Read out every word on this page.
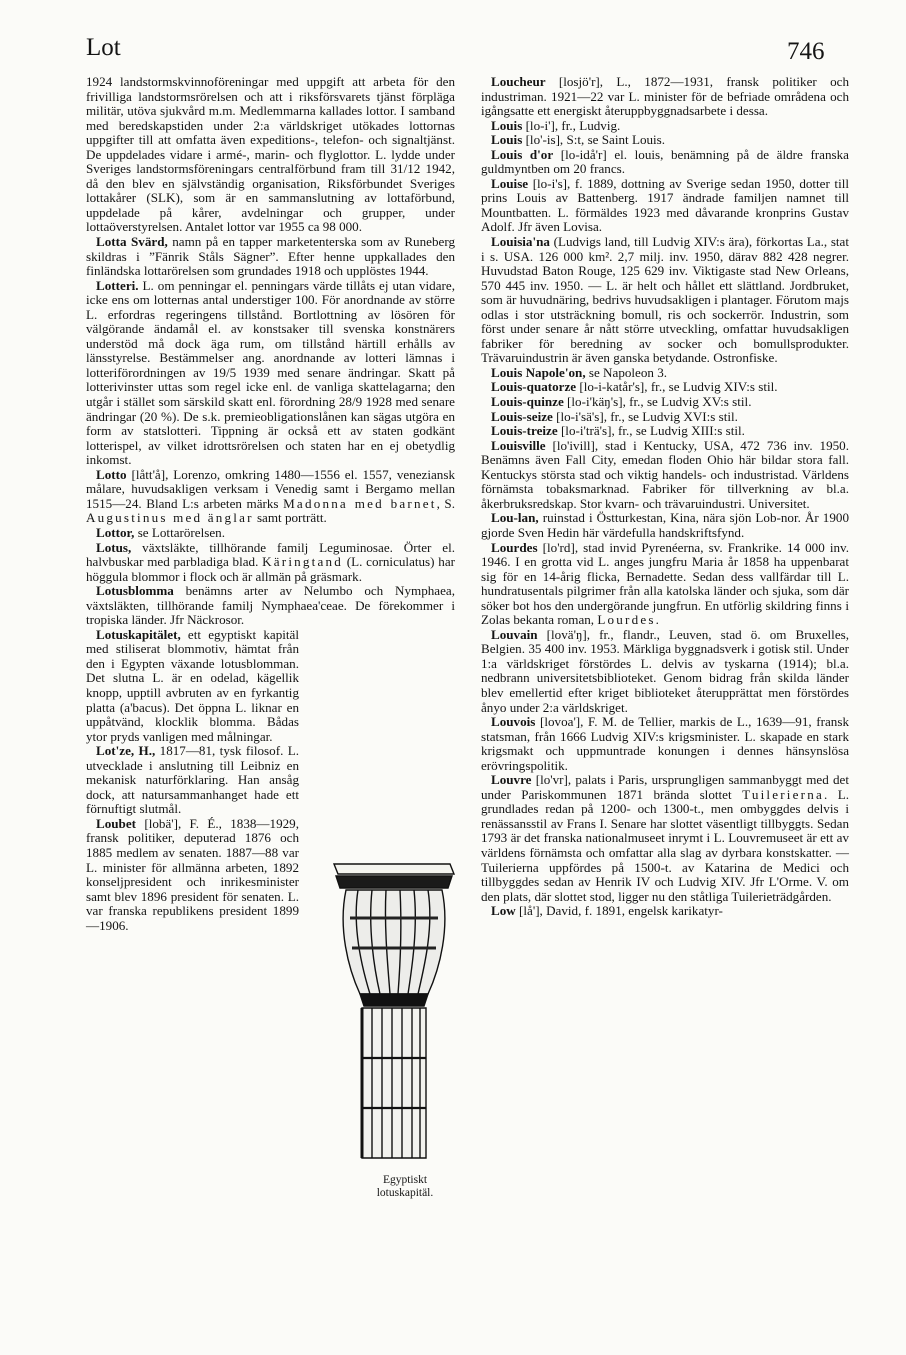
Lot	746

1924 landstormskvinnoföreningar med uppgift att arbeta för den frivilliga landstormsrörelsen och att i riksförsvarets tjänst förpläga militär, utöva sjukvård m.m. Medlemmarna kallades lottor. I samband med beredskapstiden under 2:a världskriget utökades lottornas uppgifter till att omfatta även expeditions-, telefon- och signaltjänst. De uppdelades vidare i armé-, marin- och flyglottor. L. lydde under Sveriges landstormsföreningars centralförbund fram till 31/12 1942, då den blev en självständig organisation, Riksförbundet Sveriges lottakårer (SLK), som är en sammanslutning av lottaförbund, uppdelade på kårer, avdelningar och grupper, under lottaöverstyrelsen. Antalet lottor var 1955 ca 98 000.

Lotta Svärd, namn på en tapper marketenterska som av Runeberg skildras i ”Fänrik Ståls Sägner”. Efter henne uppkallades den finländska lottarörelsen som grundades 1918 och upplöstes 1944.

Lotteri. L. om penningar el. penningars värde tillåts ej utan vidare, icke ens om lotternas antal understiger 100. För anordnande av större L. erfordras regeringens tillstånd. Bortlottning av lösören för välgörande ändamål el. av konstsaker till svenska konstnärers understöd må dock äga rum, om tillstånd härtill erhålls av länsstyrelse. Bestämmelser ang. anordnande av lotteri lämnas i lotteriförordningen av 19/5 1939 med senare ändringar. Skatt på lotterivinster uttas som regel icke enl. de vanliga skattelagarna; den utgår i stället som särskild skatt enl. förordning 28/9 1928 med senare ändringar (20 %). De s.k. premieobligationslånen kan sägas utgöra en form av statslotteri. Tippning är också ett av staten godkänt lotterispel, av vilket idrottsrörelsen och staten har en ej obetydlig inkomst.

Lotto [lått'å], Lorenzo, omkring 1480—1556 el. 1557, veneziansk målare, huvudsakligen verksam i Venedig samt i Bergamo mellan 1515—24. Bland L:s arbeten märks Madonna med barnet, S. Augustinus med änglar samt porträtt.

Lottor, se Lottarörelsen.

Lotus, växtsläkte, tillhörande familj Leguminosae. Örter el. halvbuskar med parbladiga blad. Käringtand (L. corniculatus) har höggula blommor i flock och är allmän på gräsmark.

Lotusblomma benämns arter av Nelumbo och Nymphaea, växtsläkten, tillhörande familj Nymphaea'ceae. De förekommer i tropiska länder. Jfr Näckrosor.

Lotuskapitälet, ett egyptiskt kapitäl med stiliserat blommotiv, hämtat från den i Egypten växande lotusblomman. Det slutna L. är en odelad, kägellik knopp, upptill avbruten av en fyrkantig platta (a'bacus). Det öppna L. liknar en uppåtvänd, klocklik blomma. Bådas ytor pryds vanligen med målningar.

Lot'ze, H., 1817—81, tysk filosof. L. utvecklade i anslutning till Leibniz en mekanisk naturförklaring. Han ansåg dock, att natursammanhanget hade ett förnuftigt slutmål.

Loubet [lobä'], F. É., 1838—1929, fransk politiker, deputerad 1876 och 1885 medlem av senaten. 1887—88 var L. minister för allmänna arbeten, 1892 konseljpresident och inrikesminister samt blev 1896 president för senaten. L. var franska republikens president 1899—1906.

Egyptiskt
lotuskapitäl.

Loucheur [losjö'r], L., 1872—1931, fransk politiker och industriman. 1921—22 var L. minister för de befriade områdena och igångsatte ett energiskt återuppbyggnadsarbete i dessa.

Louis [lo-i'], fr., Ludvig.

Louis [lo'-is], S:t, se Saint Louis.

Louis d'or [lo-idå'r] el. louis, benämning på de äldre franska guldmyntben om 20 francs.

Louise [lo-i's], f. 1889, dottning av Sverige sedan 1950, dotter till prins Louis av Battenberg. 1917 ändrade familjen namnet till Mountbatten. L. förmäldes 1923 med dåvarande kronprins Gustav Adolf. Jfr även Lovisa.

Louisia'na (Ludvigs land, till Ludvig XIV:s ära), förkortas La., stat i s. USA. 126 000 km². 2,7 milj. inv. 1950, därav 882 428 negrer. Huvudstad Baton Rouge, 125 629 inv. Viktigaste stad New Orleans, 570 445 inv. 1950. — L. är helt och hållet ett slättland. Jordbruket, som är huvudnäring, bedrivs huvudsakligen i plantager. Förutom majs odlas i stor utsträckning bomull, ris och sockerrör. Industrin, som först under senare år nått större utveckling, omfattar huvudsakligen fabriker för beredning av socker och bomullsprodukter. Trävaruindustrin är även ganska betydande. Ostronfiske.

Louis Napole'on, se Napoleon 3.

Louis-quatorze [lo-i-katår's], fr., se Ludvig XIV:s stil.

Louis-quinze [lo-i'käŋ's], fr., se Ludvig XV:s stil.

Louis-seize [lo-i'sä's], fr., se Ludvig XVI:s stil.

Louis-treize [lo-i'trä's], fr., se Ludvig XIII:s stil.

Louisville [lo'ivill], stad i Kentucky, USA, 472 736 inv. 1950. Benämns även Fall City, emedan floden Ohio här bildar stora fall. Kentuckys största stad och viktig handels- och industristad. Världens förnämsta tobaksmarknad. Fabriker för tillverkning av bl.a. åkerbruksredskap. Stor kvarn- och trävaruindustri. Universitet.

Lou-lan, ruinstad i Östturkestan, Kina, nära sjön Lob-nor. År 1900 gjorde Sven Hedin här värdefulla handskriftsfynd.

Lourdes [lo'rd], stad invid Pyrenéerna, sv. Frankrike. 14 000 inv. 1946. I en grotta vid L. anges jungfru Maria år 1858 ha uppenbarat sig för en 14-årig flicka, Bernadette. Sedan dess vallfärdar till L. hundratusentals pilgrimer från alla katolska länder och sjuka, som där söker bot hos den undergörande jungfrun. En utförlig skildring finns i Zolas bekanta roman, Lourdes.

Louvain [lovä'ŋ], fr., flandr., Leuven, stad ö. om Bruxelles, Belgien. 35 400 inv. 1953. Märkliga byggnadsverk i gotisk stil. Under 1:a världskriget förstördes L. delvis av tyskarna (1914); bl.a. nedbrann universitetsbiblioteket. Genom bidrag från skilda länder blev emellertid efter kriget biblioteket återupprättat men förstördes ånyo under 2:a världskriget.

Louvois [lovoa'], F. M. de Tellier, markis de L., 1639—91, fransk statsman, från 1666 Ludvig XIV:s krigsminister. L. skapade en stark krigsmakt och uppmuntrade konungen i dennes hänsynslösa erövringspolitik.

Louvre [lo'vr], palats i Paris, ursprungligen sammanbyggt med det under Pariskommunen 1871 brända slottet Tuilerierna. L. grundlades redan på 1200- och 1300-t., men ombyggdes delvis i renässansstil av Frans I. Senare har slottet väsentligt tillbyggts. Sedan 1793 är det franska nationalmuseet inrymt i L. Louvremuseet är ett av världens förnämsta och omfattar alla slag av dyrbara konstskatter. — Tuilerierna uppfördes på 1500-t. av Katarina de Medici och tillbyggdes sedan av Henrik IV och Ludvig XIV. Jfr L'Orme. V. om den plats, där slottet stod, ligger nu den ståtliga Tuilerieträdgården.

Low [lå'], David, f. 1891, engelsk karikatyr-
